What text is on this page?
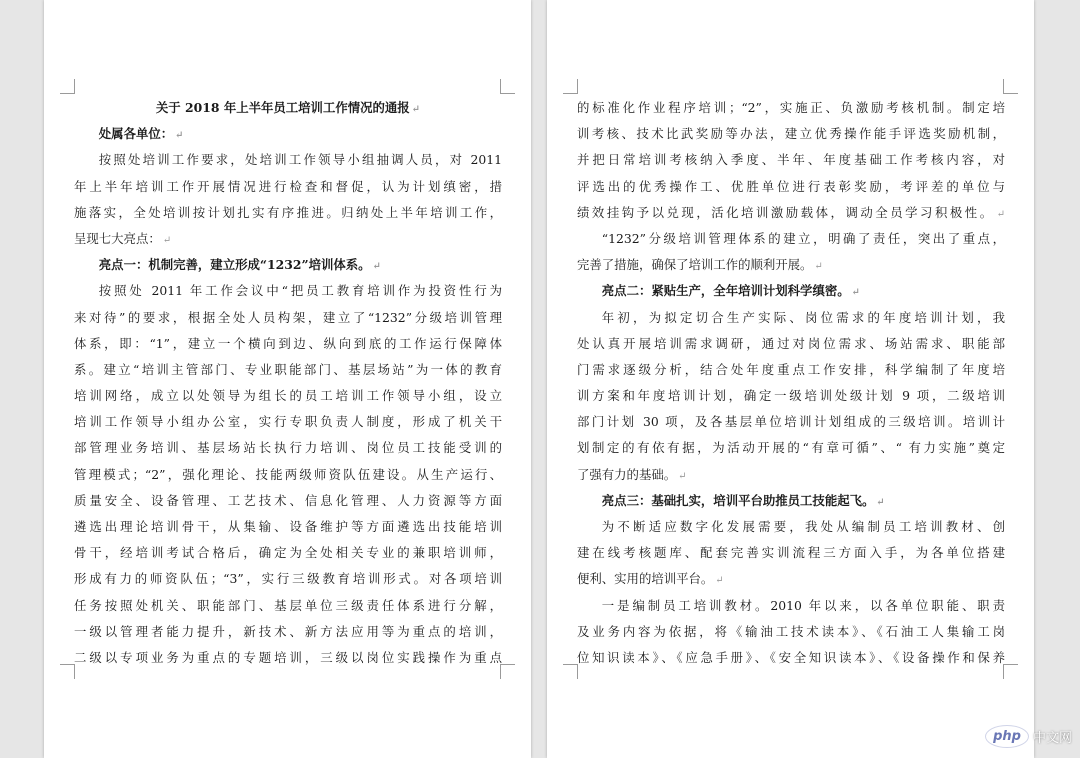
关于 2018 年上半年员工培训工作情况的通报 ↵
处属各单位： ↵
按照处培训工作要求，处培训工作领导小组抽调人员，对 2011
年上半年培训工作开展情况进行检查和督促，认为计划缜密，措
施落实，全处培训按计划扎实有序推进。归纳处上半年培训工作，
呈现七大亮点： ↵
亮点一：机制完善，建立形成“1232”培训体系。 ↵
按照处 2011 年工作会议中“把员工教育培训作为投资性行为
来对待”的要求，根据全处人员构架，建立了“1232”分级培训管理
体系，即：“1”，建立一个横向到边、纵向到底的工作运行保障体
系。建立“培训主管部门、专业职能部门、基层场站”为一体的教育
培训网络，成立以处领导为组长的员工培训工作领导小组，设立
培训工作领导小组办公室，实行专职负责人制度，形成了机关干
部管理业务培训、基层场站长执行力培训、岗位员工技能受训的
管理模式；“2”，强化理论、技能两级师资队伍建设。从生产运行、
质量安全、设备管理、工艺技术、信息化管理、人力资源等方面
遴选出理论培训骨干，从集输、设备维护等方面遴选出技能培训
骨干，经培训考试合格后，确定为全处相关专业的兼职培训师，
形成有力的师资队伍；“3”，实行三级教育培训形式。对各项培训
任务按照处机关、职能部门、基层单位三级责任体系进行分解，
一级以管理者能力提升，新技术、新方法应用等为重点的培训，
二级以专项业务为重点的专题培训，三级以岗位实践操作为重点
的标准化作业程序培训；“2”，实施正、负激励考核机制。制定培
训考核、技术比武奖励等办法，建立优秀操作能手评选奖励机制，
并把日常培训考核纳入季度、半年、年度基础工作考核内容，对
评选出的优秀操作工、优胜单位进行表彰奖励，考评差的单位与
绩效挂钩予以兑现，活化培训激励载体，调动全员学习积极性。 ↵
“1232”分级培训管理体系的建立，明确了责任，突出了重点，
完善了措施，确保了培训工作的顺利开展。 ↵
亮点二：紧贴生产，全年培训计划科学缜密。 ↵
年初，为拟定切合生产实际、岗位需求的年度培训计划，我
处认真开展培训需求调研，通过对岗位需求、场站需求、职能部
门需求逐级分析，结合处年度重点工作安排，科学编制了年度培
训方案和年度培训计划，确定一级培训处级计划 9 项，二级培训
部门计划 30 项，及各基层单位培训计划组成的三级培训。培训计
划制定的有依有据，为活动开展的“有章可循”、“ 有力实施”奠定
了强有力的基础。 ↵
亮点三：基础扎实，培训平台助推员工技能起飞。 ↵
为不断适应数字化发展需要，我处从编制员工培训教材、创
建在线考核题库、配套完善实训流程三方面入手，为各单位搭建
便利、实用的培训平台。 ↵
一是编制员工培训教材。2010 年以来，以各单位职能、职责
及业务内容为依据，将《输油工技术读本》、《石油工人集输工岗
位知识读本》、《应急手册》、《安全知识读本》、《设备操作和保养
php 中文网
